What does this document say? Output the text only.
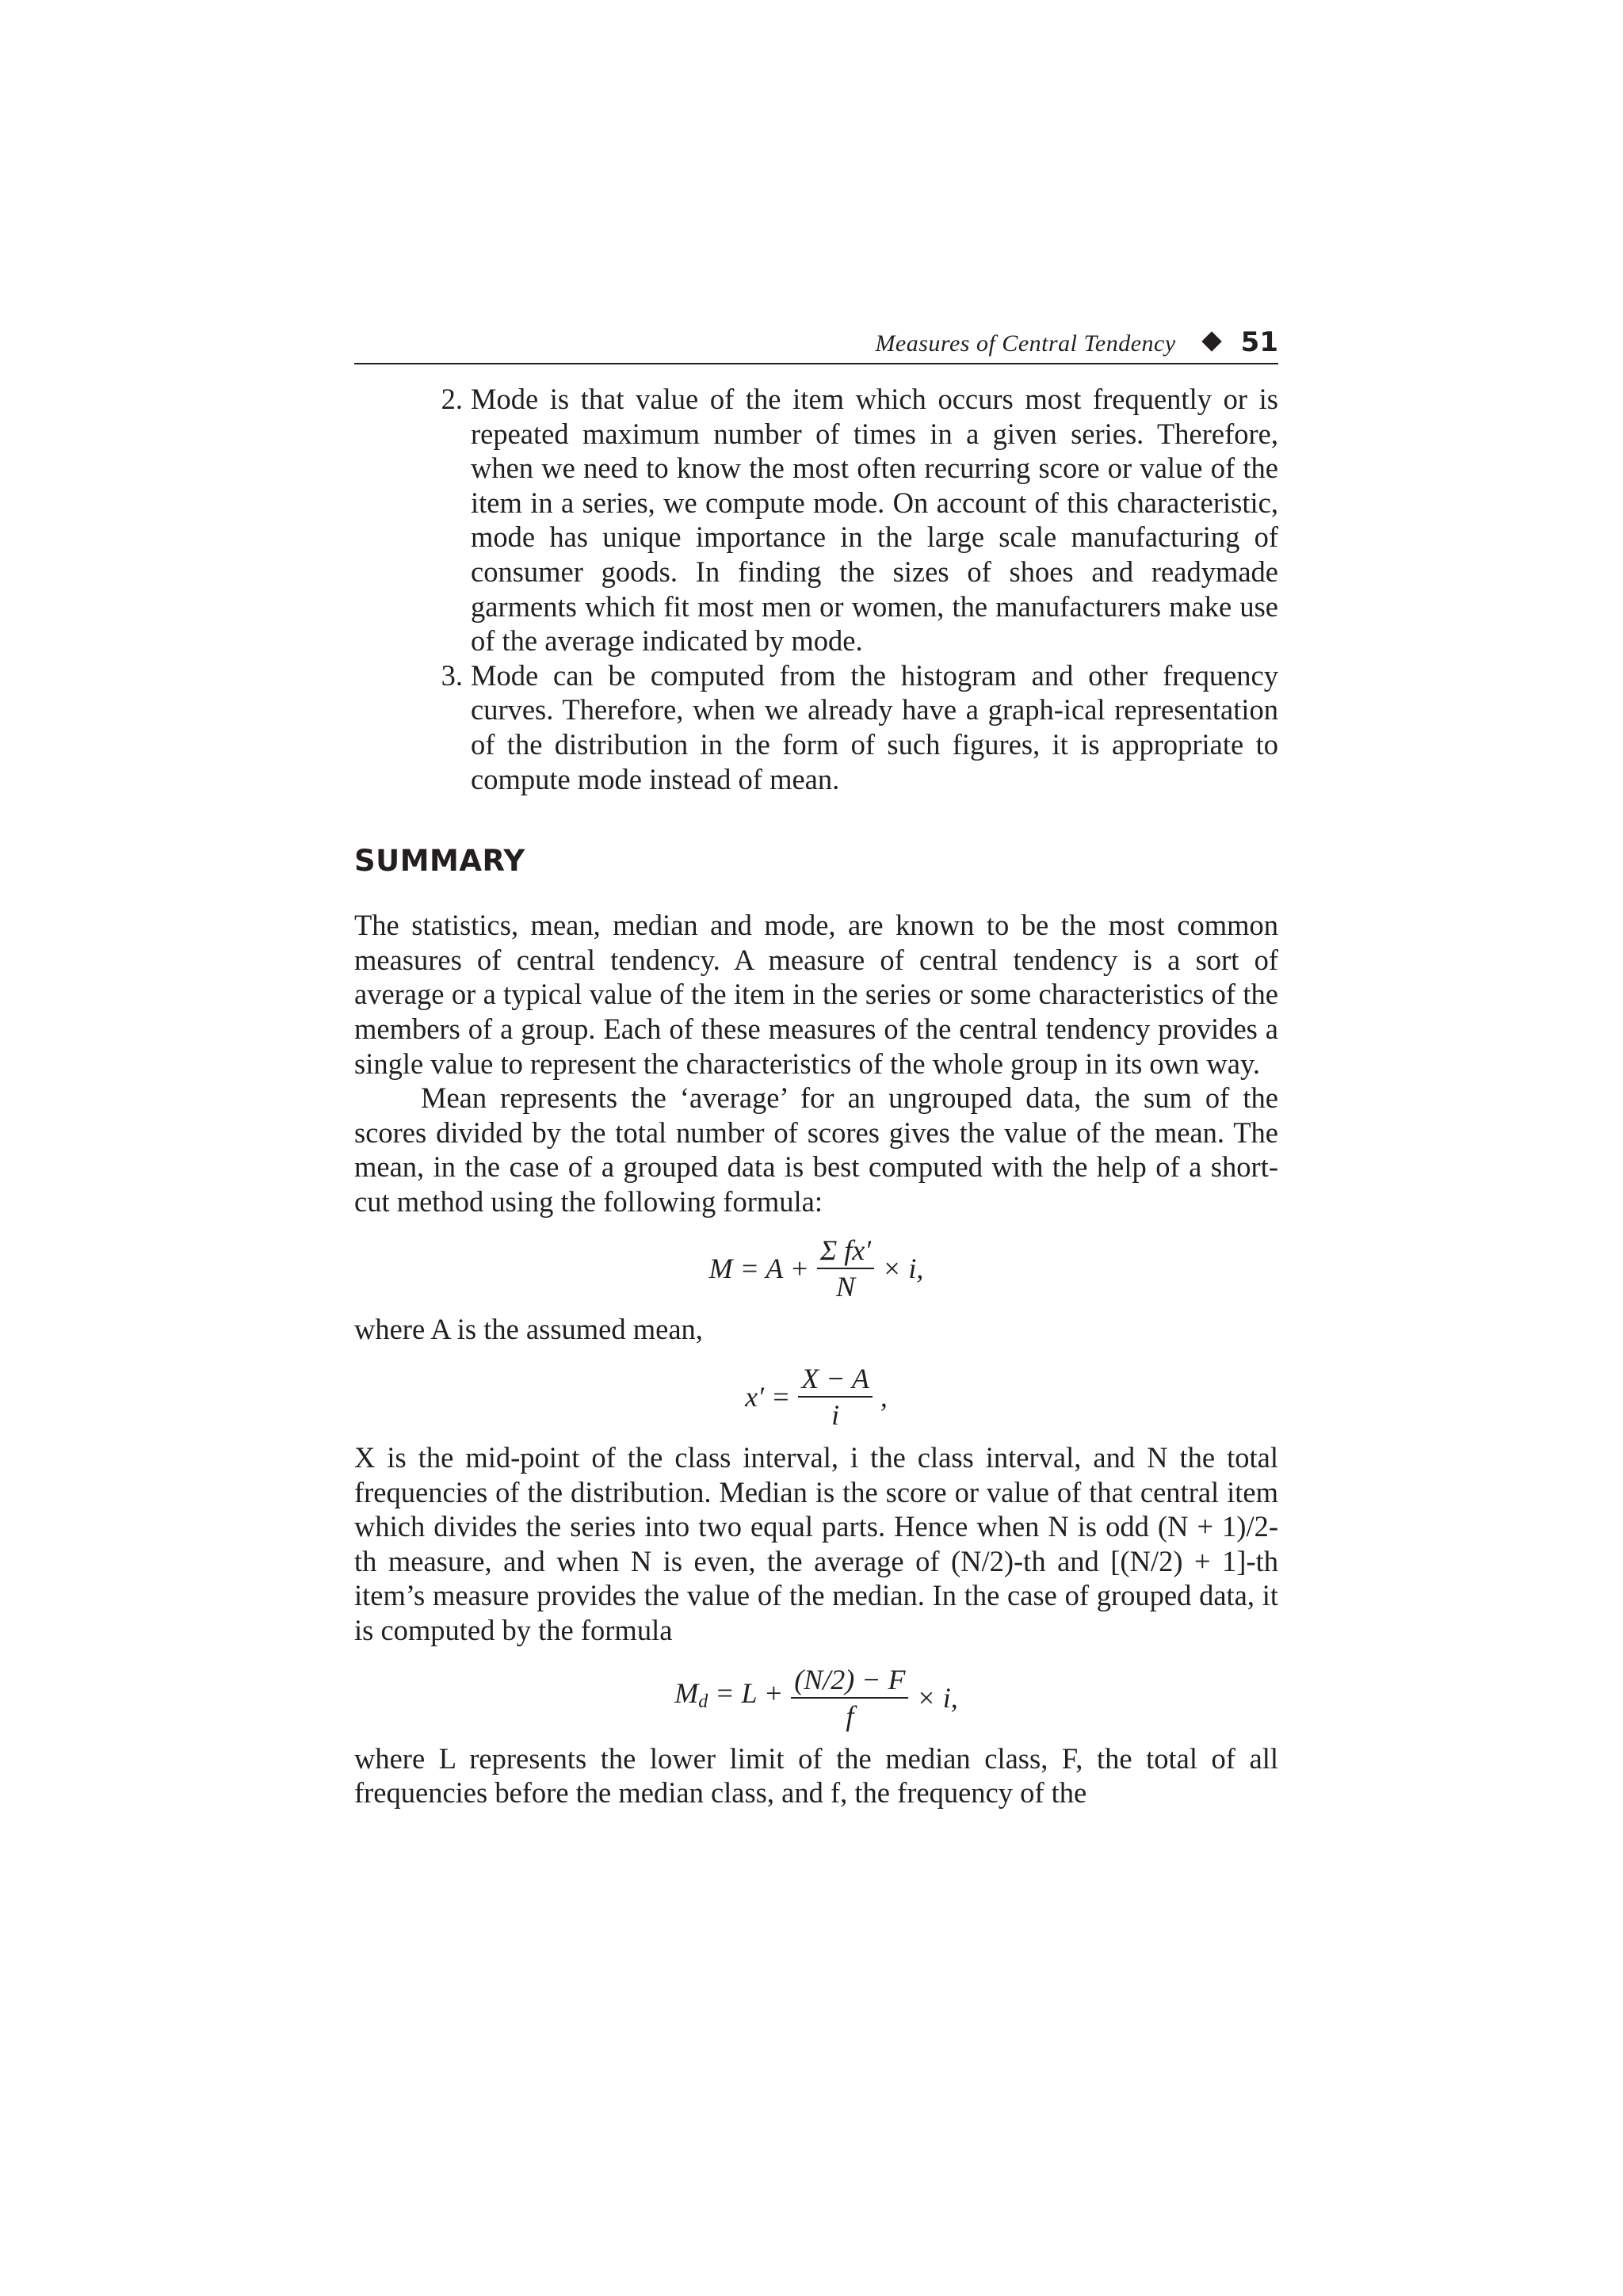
Measures of Central Tendency 51
2. Mode is that value of the item which occurs most frequently or is repeated maximum number of times in a given series. Therefore, when we need to know the most often recurring score or value of the item in a series, we compute mode. On account of this characteristic, mode has unique importance in the large scale manufacturing of consumer goods. In finding the sizes of shoes and readymade garments which fit most men or women, the manufacturers make use of the average indicated by mode.
3. Mode can be computed from the histogram and other frequency curves. Therefore, when we already have a graph-ical representation of the distribution in the form of such figures, it is appropriate to compute mode instead of mean.
SUMMARY

The statistics, mean, median and mode, are known to be the most common measures of central tendency. A measure of central tendency is a sort of average or a typical value of the item in the series or some characteristics of the members of a group. Each of these measures of the central tendency provides a single value to represent the characteristics of the whole group in its own way.

Mean represents the ‘average’ for an ungrouped data, the sum of the scores divided by the total number of scores gives the value of the mean. The mean, in the case of a grouped data is best computed with the help of a short-cut method using the following formula:

$M = A + \frac{\text{Σ fx′}}{N} \times i$,

where A is the assumed mean,

$x' = \frac{X - A}{i}$ ,

X is the mid-point of the class interval, i the class interval, and N the total frequencies of the distribution. Median is the score or value of that central item which divides the series into two equal parts. Hence when N is odd (N + 1)/2-th measure, and when N is even, the average of (N/2)-th and [(N/2) + 1]-th item’s measure provides the value of the median. In the case of grouped data, it is computed by the formula

$M_d = L + \frac{(N/2) - F}{f} \times i$,

where L represents the lower limit of the median class, F, the total of all frequencies before the median class, and f, the frequency of the
